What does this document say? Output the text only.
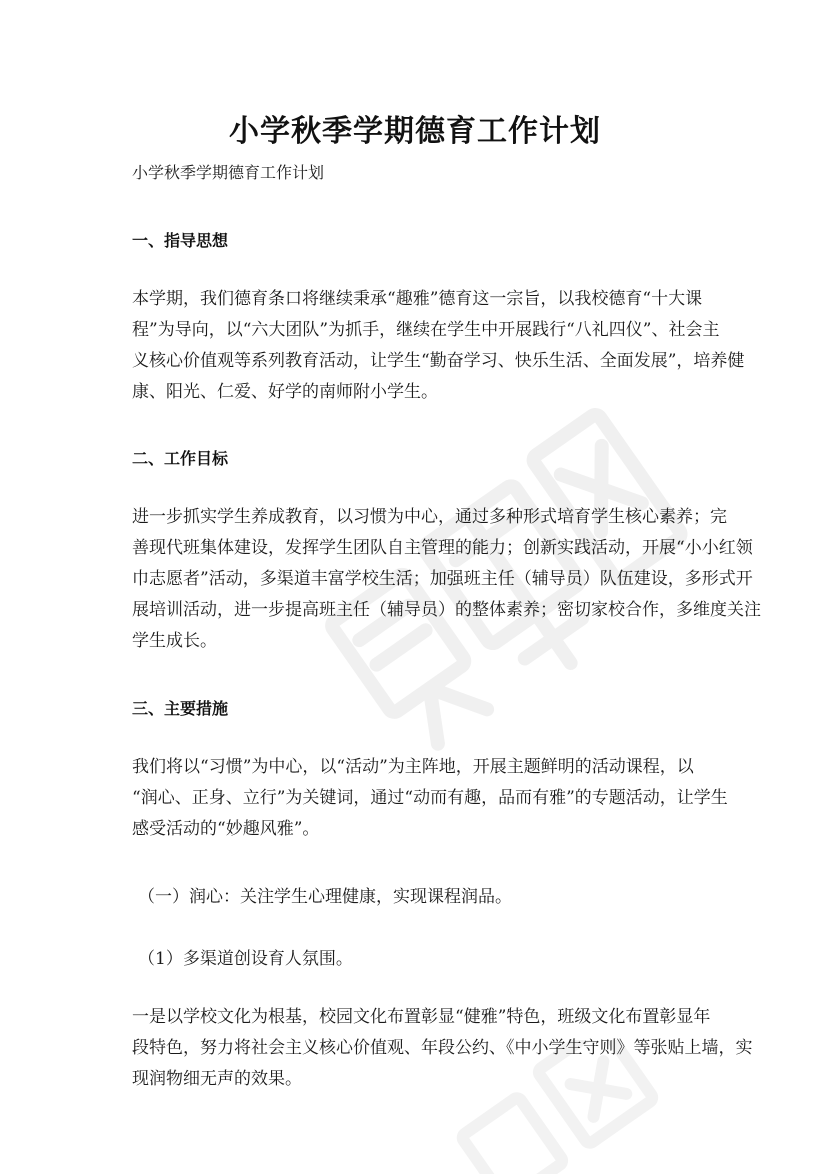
小学秋季学期德育工作计划

小学秋季学期德育工作计划

一、指导思想

本学期，我们德育条口将继续秉承“趣雅”德育这一宗旨，以我校德育“十大课
程”为导向，以“六大团队”为抓手，继续在学生中开展践行“八礼四仪”、社会主
义核心价值观等系列教育活动，让学生“勤奋学习、快乐生活、全面发展”，培养健
康、阳光、仁爱、好学的南师附小学生。

二、工作目标

进一步抓实学生养成教育，以习惯为中心，通过多种形式培育学生核心素养；完
善现代班集体建设，发挥学生团队自主管理的能力；创新实践活动，开展“小小红领
巾志愿者”活动，多渠道丰富学校生活；加强班主任（辅导员）队伍建设，多形式开
展培训活动，进一步提高班主任（辅导员）的整体素养；密切家校合作，多维度关注
学生成长。

三、主要措施

我们将以“习惯”为中心，以“活动”为主阵地，开展主题鲜明的活动课程，以
“润心、正身、立行”为关键词，通过“动而有趣，品而有雅”的专题活动，让学生
感受活动的“妙趣风雅”。

（一）润心：关注学生心理健康，实现课程润品。

（1）多渠道创设育人氛围。

一是以学校文化为根基，校园文化布置彰显“健雅”特色，班级文化布置彰显年
段特色，努力将社会主义核心价值观、年段公约、《中小学生守则》等张贴上墙，实
现润物细无声的效果。
